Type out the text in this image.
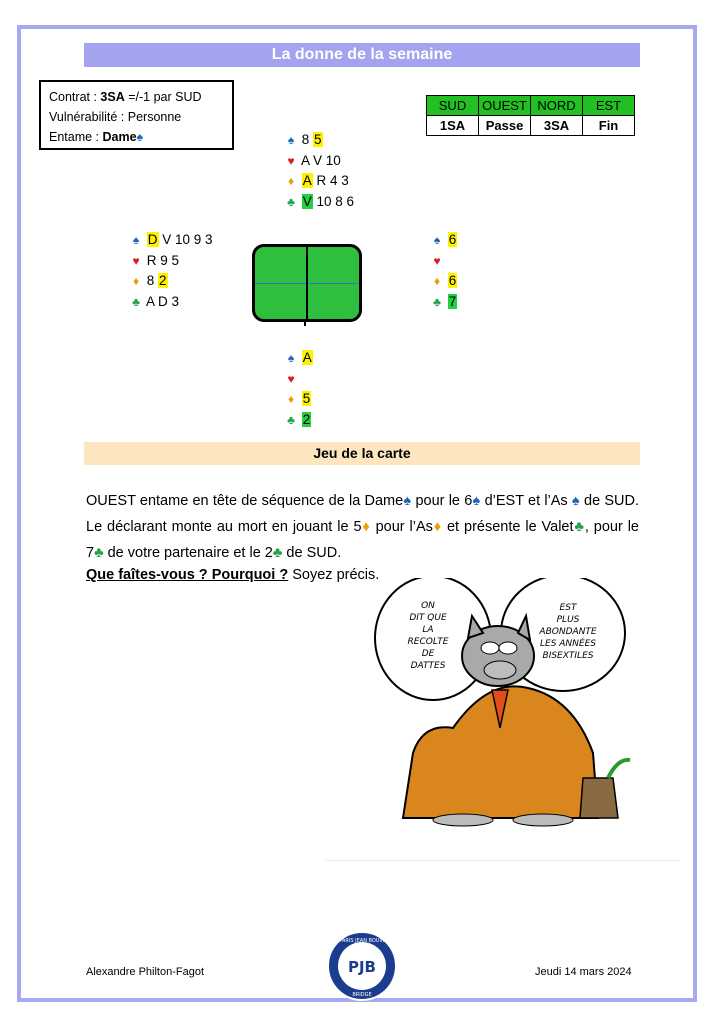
La donne de la semaine
Contrat : 3SA =/-1 par SUD
Vulnérabilité : Personne
Entame : Dame♠
SUD	OUEST	NORD	EST
1SA	Passe	3SA	Fin
♠ 8 5
♥ A V 10
♦ A R 4 3
♣ V 10 8 6
♠ D V 10 9 3
♥ R 9 5
♦ 8 2
♣ A D 3
♠ 6
♥
♦ 6
♣ 7
♠ A
♥
♦ 5
♣ 2
Jeu de la carte
OUEST entame en tête de séquence de la Dame♠ pour le 6♠ d’EST et l’As ♠ de SUD. Le déclarant monte au mort en jouant le 5♦ pour l’As♦ et présente le Valet♣, pour le 7♣ de votre partenaire et le 2♣ de SUD.
Que faîtes-vous ? Pourquoi ? Soyez précis.
ON
DIT QUE
LA
RECOLTE
DE
DATTES
EST
PLUS
ABONDANTE
LES ANNÉES
BISEXTILES
Alexandre Philton-Fagot	Jeudi 14 mars 2024
PJB
PARIS JEAN BOUIN
BRIDGE
